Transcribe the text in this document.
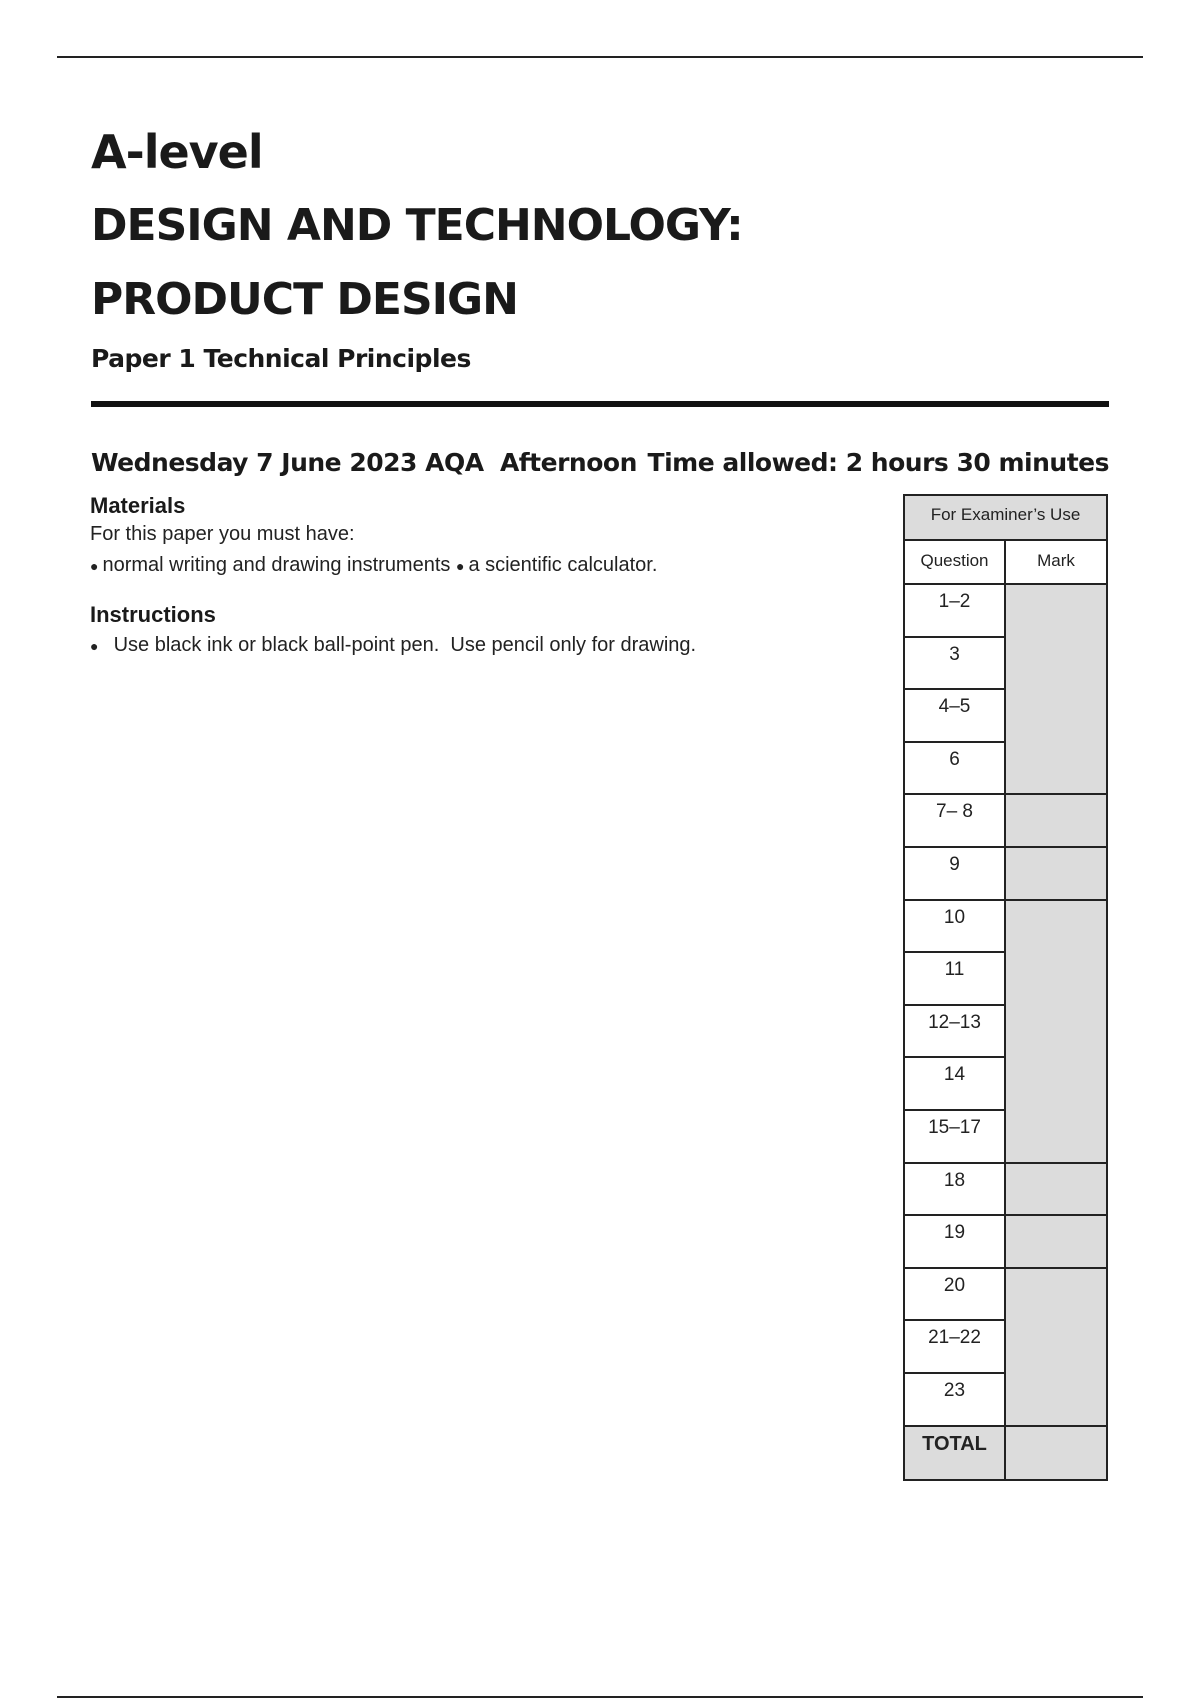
A-level
DESIGN AND TECHNOLOGY:
PRODUCT DESIGN
Paper 1 Technical Principles
Wednesday 7 June 2023 AQA  Afternoon Time allowed: 2 hours 30 minutes
Materials
For this paper you must have:
● normal writing and drawing instruments ● a scientific calculator.
Instructions
● Use black ink or black ball-point pen.  Use pencil only for drawing.
For Examiner’s Use
Question	Mark
1–2
3
4–5
6
7– 8
9
10
11
12–13
14
15–17
18
19
20
21–22
23
TOTAL
